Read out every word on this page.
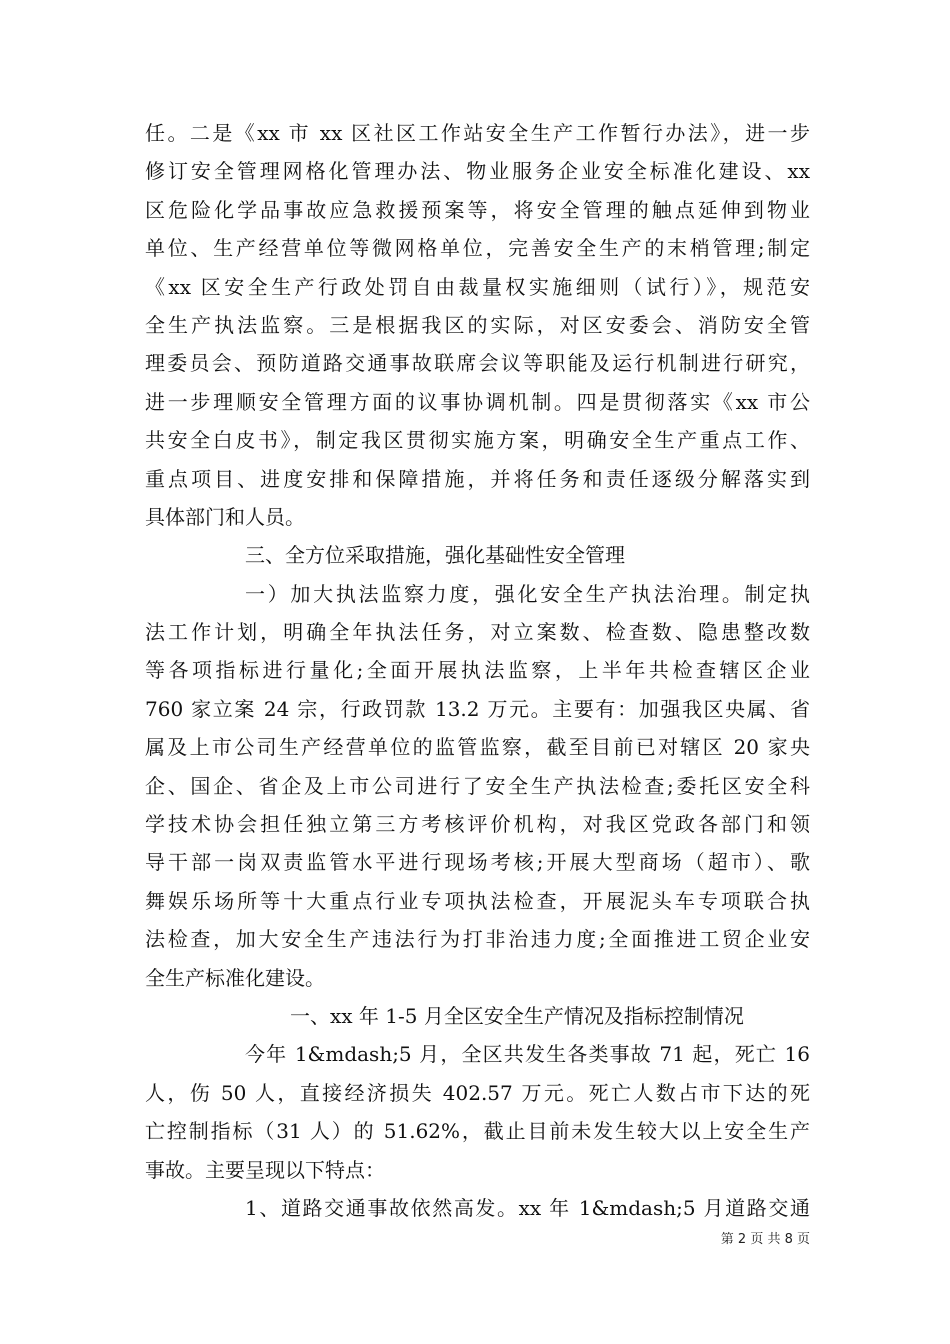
任。二是《xx 市 xx 区社区工作站安全生产工作暂行办法》，进一步
修订安全管理网格化管理办法、物业服务企业安全标准化建设、xx
区危险化学品事故应急救援预案等，将安全管理的触点延伸到物业
单位、生产经营单位等微网格单位，完善安全生产的末梢管理;制定
《xx 区安全生产行政处罚自由裁量权实施细则（试行）》，规范安
全生产执法监察。三是根据我区的实际，对区安委会、消防安全管
理委员会、预防道路交通事故联席会议等职能及运行机制进行研究，
进一步理顺安全管理方面的议事协调机制。四是贯彻落实《xx 市公
共安全白皮书》，制定我区贯彻实施方案，明确安全生产重点工作、
重点项目、进度安排和保障措施，并将任务和责任逐级分解落实到
具体部门和人员。
三、全方位采取措施，强化基础性安全管理
一）加大执法监察力度，强化安全生产执法治理。制定执
法工作计划，明确全年执法任务，对立案数、检查数、隐患整改数
等各项指标进行量化;全面开展执法监察，上半年共检查辖区企业
760 家立案 24 宗，行政罚款 13.2 万元。主要有：加强我区央属、省
属及上市公司生产经营单位的监管监察，截至目前已对辖区 20 家央
企、国企、省企及上市公司进行了安全生产执法检查;委托区安全科
学技术协会担任独立第三方考核评价机构，对我区党政各部门和领
导干部一岗双责监管水平进行现场考核;开展大型商场（超市）、歌
舞娱乐场所等十大重点行业专项执法检查，开展泥头车专项联合执
法检查，加大安全生产违法行为打非治违力度;全面推进工贸企业安
全生产标准化建设。
一、xx 年 1-5 月全区安全生产情况及指标控制情况
今年 1&mdash;5 月，全区共发生各类事故 71 起，死亡 16
人，伤 50 人，直接经济损失 402.57 万元。死亡人数占市下达的死
亡控制指标（31 人）的 51.62%，截止目前未发生较大以上安全生产
事故。主要呈现以下特点：
1、道路交通事故依然高发。xx 年 1&mdash;5 月道路交通
第 2 页 共 8 页
